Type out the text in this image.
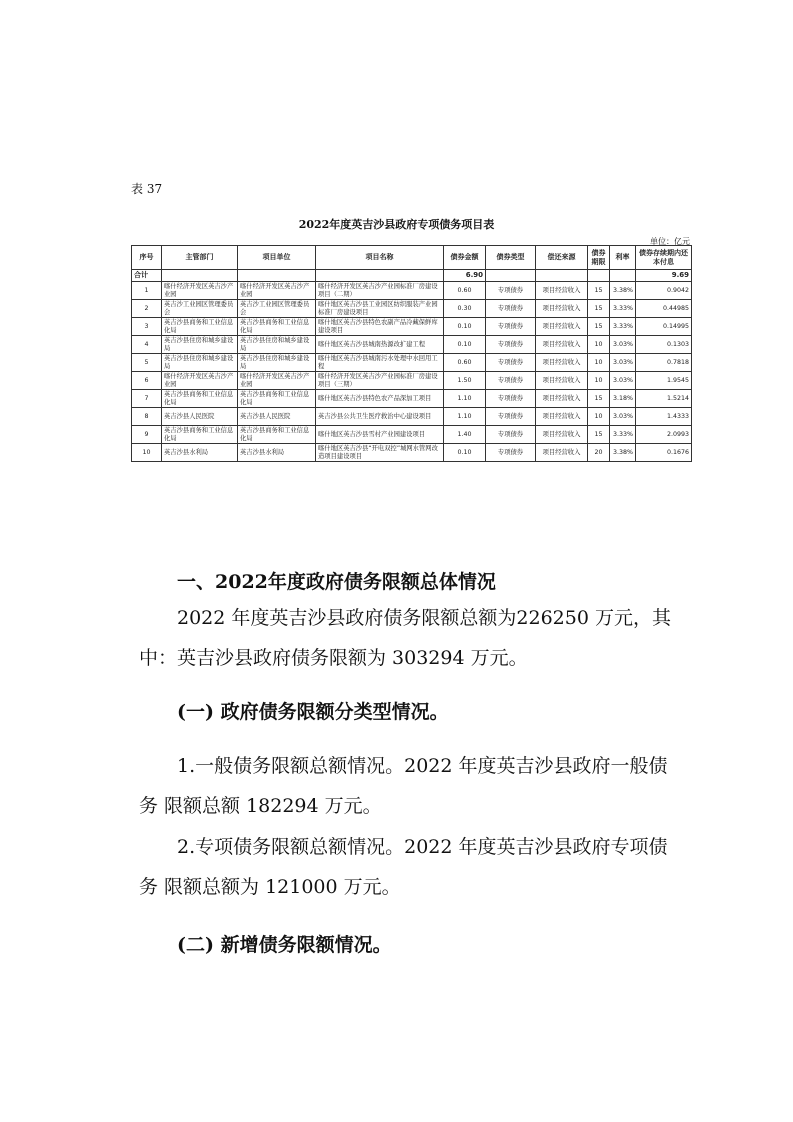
表 37
2022年度英吉沙县政府专项债务项目表
单位：亿元
序号	主管部门	项目单位	项目名称	债券金额	债券类型	偿还来源	债券期限	利率	债券存续期内还本付息
合计				6.90					9.69
1	喀什经济开发区英吉沙产业园	喀什经济开发区英吉沙产业园	喀什经济开发区英吉沙产业园标准厂房建设项目（二期）	0.60	专项债券	项目经营收入	15	3.38%	0.9042
2	英吉沙工业园区管理委员会	英吉沙工业园区管理委员会	喀什地区英吉沙县工业园区纺织服装产业园标准厂房建设项目	0.30	专项债券	项目经营收入	15	3.33%	0.44985
3	英吉沙县商务和工业信息化局	英吉沙县商务和工业信息化局	喀什地区英吉沙县特色农副产品冷藏保鲜库建设项目	0.10	专项债券	项目经营收入	15	3.33%	0.14995
4	英吉沙县住房和城乡建设局	英吉沙县住房和城乡建设局	喀什地区英吉沙县城南热源改扩建工程	0.10	专项债券	项目经营收入	10	3.03%	0.1303
5	英吉沙县住房和城乡建设局	英吉沙县住房和城乡建设局	喀什地区英吉沙县城南污水处理中水回用工程	0.60	专项债券	项目经营收入	10	3.03%	0.7818
6	喀什经济开发区英吉沙产业园	喀什经济开发区英吉沙产业园	喀什经济开发区英吉沙产业园标准厂房建设项目（三期）	1.50	专项债券	项目经营收入	10	3.03%	1.9545
7	英吉沙县商务和工业信息化局	英吉沙县商务和工业信息化局	喀什地区英吉沙县特色农产品深加工项目	1.10	专项债券	项目经营收入	15	3.18%	1.5214
8	英吉沙县人民医院	英吉沙县人民医院	英吉沙县公共卫生医疗救治中心建设项目	1.10	专项债券	项目经营收入	10	3.03%	1.4333
9	英吉沙县商务和工业信息化局	英吉沙县商务和工业信息化局	喀什地区英吉沙县雪村产业园建设项目	1.40	专项债券	项目经营收入	15	3.33%	2.0993
10	英吉沙县水利局	英吉沙县水利局	喀什地区英吉沙县“开电双控”城网水管网改造项目建设项目	0.10	专项债券	项目经营收入	20	3.38%	0.1676
一、2022年度政府债务限额总体情况
2022 年度英吉沙县政府债务限额总额为226250 万元，其中：英吉沙县政府债务限额为 303294 万元。
(一) 政府债务限额分类型情况。
1.一般债务限额总额情况。2022 年度英吉沙县政府一般债务 限额总额 182294 万元。
2.专项债务限额总额情况。2022 年度英吉沙县政府专项债务 限额总额为 121000 万元。
(二) 新增债务限额情况。
